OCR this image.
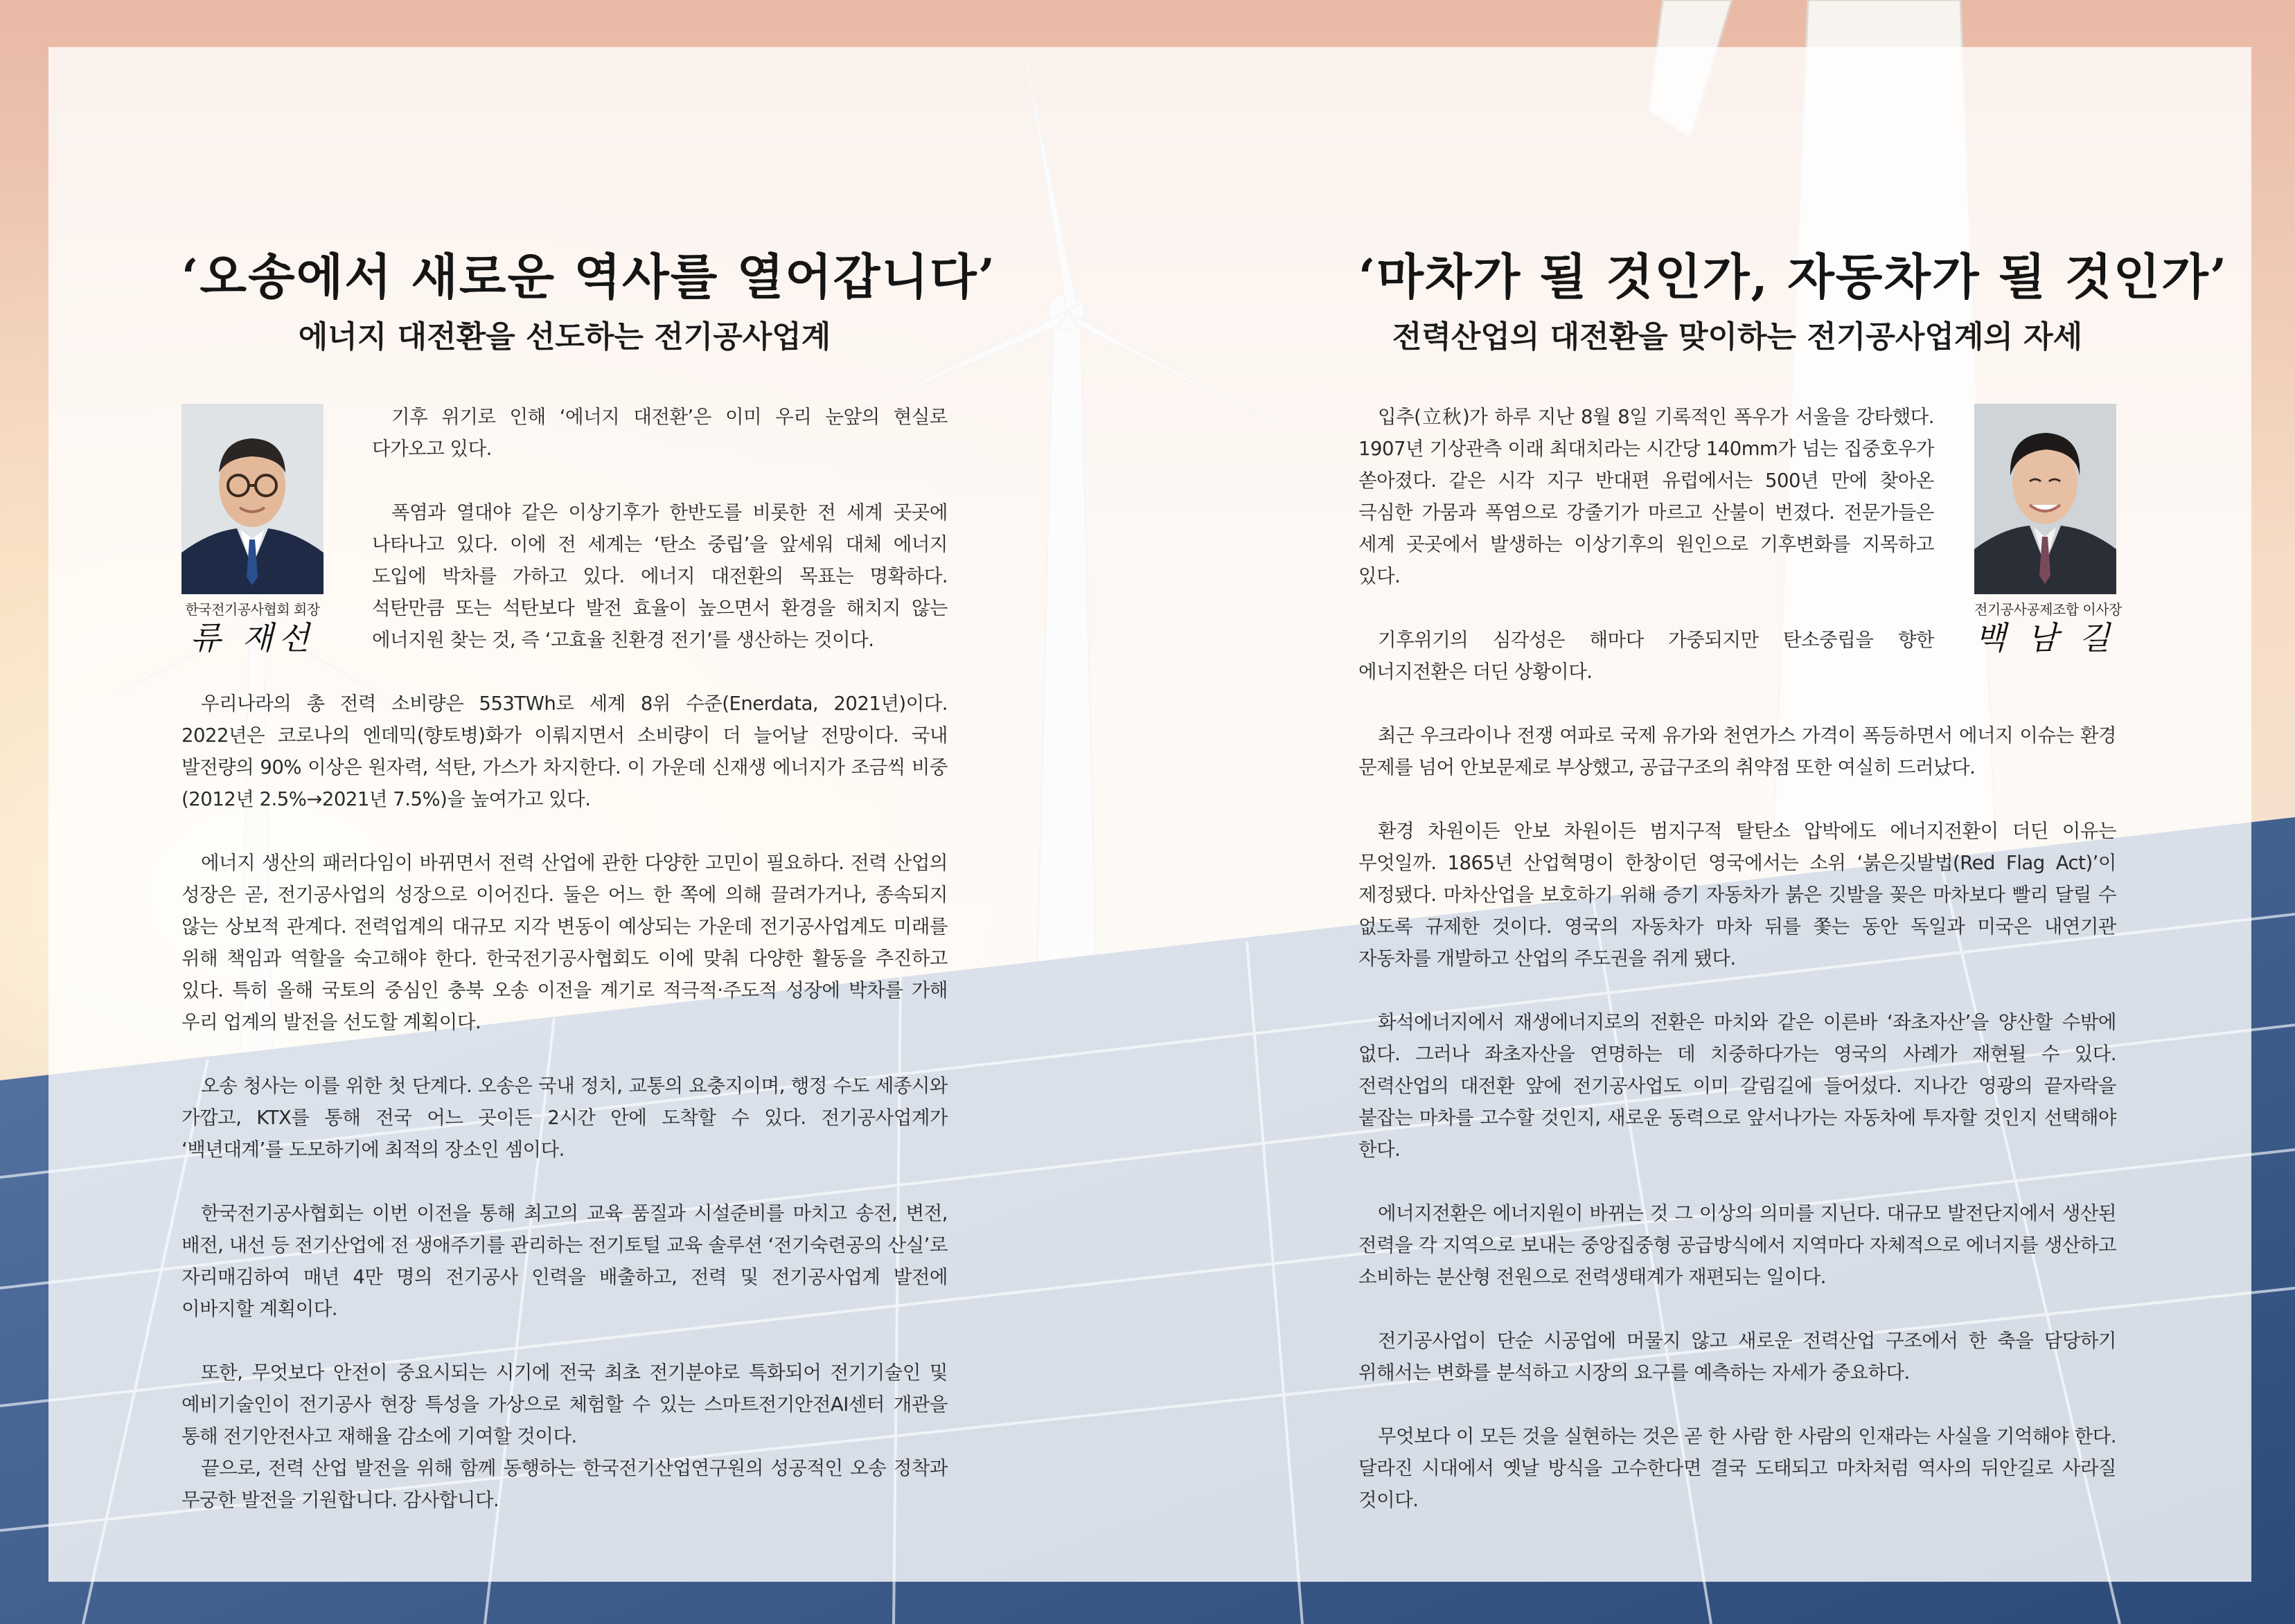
‘오송에서 새로운 역사를 열어갑니다’
에너지 대전환을 선도하는 전기공사업계
한국전기공사협회 회장
류 재선

기후 위기로 인해 ‘에너지 대전환’은 이미 우리 눈앞의 현실로 다가오고 있다.

폭염과 열대야 같은 이상기후가 한반도를 비롯한 전 세계 곳곳에 나타나고 있다. 이에 전 세계는 ‘탄소 중립’을 앞세워 대체 에너지 도입에 박차를 가하고 있다. 에너지 대전환의 목표는 명확하다. 석탄만큼 또는 석탄보다 발전 효율이 높으면서 환경을 해치지 않는 에너지원 찾는 것, 즉 ‘고효율 친환경 전기’를 생산하는 것이다.

우리나라의 총 전력 소비량은 553TWh로 세계 8위 수준(Enerdata, 2021년)이다. 2022년은 코로나의 엔데믹(향토병)화가 이뤄지면서 소비량이 더 늘어날 전망이다. 국내 발전량의 90% 이상은 원자력, 석탄, 가스가 차지한다. 이 가운데 신재생 에너지가 조금씩 비중(2012년 2.5%→2021년 7.5%)을 높여가고 있다.

에너지 생산의 패러다임이 바뀌면서 전력 산업에 관한 다양한 고민이 필요하다. 전력 산업의 성장은 곧, 전기공사업의 성장으로 이어진다. 둘은 어느 한 쪽에 의해 끌려가거나, 종속되지 않는 상보적 관계다. 전력업계의 대규모 지각 변동이 예상되는 가운데 전기공사업계도 미래를 위해 책임과 역할을 숙고해야 한다. 한국전기공사협회도 이에 맞춰 다양한 활동을 추진하고 있다. 특히 올해 국토의 중심인 충북 오송 이전을 계기로 적극적·주도적 성장에 박차를 가해 우리 업계의 발전을 선도할 계획이다.

오송 청사는 이를 위한 첫 단계다. 오송은 국내 정치, 교통의 요충지이며, 행정 수도 세종시와 가깝고, KTX를 통해 전국 어느 곳이든 2시간 안에 도착할 수 있다. 전기공사업계가 ‘백년대계’를 도모하기에 최적의 장소인 셈이다.

한국전기공사협회는 이번 이전을 통해 최고의 교육 품질과 시설준비를 마치고 송전, 변전, 배전, 내선 등 전기산업에 전 생애주기를 관리하는 전기토털 교육 솔루션 ‘전기숙련공의 산실’로 자리매김하여 매년 4만 명의 전기공사 인력을 배출하고, 전력 및 전기공사업계 발전에 이바지할 계획이다.

또한, 무엇보다 안전이 중요시되는 시기에 전국 최초 전기분야로 특화되어 전기기술인 및 예비기술인이 전기공사 현장 특성을 가상으로 체험할 수 있는 스마트전기안전AI센터 개관을 통해 전기안전사고 재해율 감소에 기여할 것이다.

끝으로, 전력 산업 발전을 위해 함께 동행하는 한국전기산업연구원의 성공적인 오송 정착과 무궁한 발전을 기원합니다. 감사합니다.

‘마차가 될 것인가, 자동차가 될 것인가’
전력산업의 대전환을 맞이하는 전기공사업계의 자세
전기공사공제조합 이사장
백 남 길

입추(立秋)가 하루 지난 8월 8일 기록적인 폭우가 서울을 강타했다. 1907년 기상관측 이래 최대치라는 시간당 140mm가 넘는 집중호우가 쏟아졌다. 같은 시각 지구 반대편 유럽에서는 500년 만에 찾아온 극심한 가뭄과 폭염으로 강줄기가 마르고 산불이 번졌다. 전문가들은 세계 곳곳에서 발생하는 이상기후의 원인으로 기후변화를 지목하고 있다.

기후위기의 심각성은 해마다 가중되지만 탄소중립을 향한 에너지전환은 더딘 상황이다.

최근 우크라이나 전쟁 여파로 국제 유가와 천연가스 가격이 폭등하면서 에너지 이슈는 환경 문제를 넘어 안보문제로 부상했고, 공급구조의 취약점 또한 여실히 드러났다.

환경 차원이든 안보 차원이든 범지구적 탈탄소 압박에도 에너지전환이 더딘 이유는 무엇일까. 1865년 산업혁명이 한창이던 영국에서는 소위 ‘붉은깃발법(Red Flag Act)’이 제정됐다. 마차산업을 보호하기 위해 증기 자동차가 붉은 깃발을 꽂은 마차보다 빨리 달릴 수 없도록 규제한 것이다. 영국의 자동차가 마차 뒤를 쫓는 동안 독일과 미국은 내연기관 자동차를 개발하고 산업의 주도권을 쥐게 됐다.

화석에너지에서 재생에너지로의 전환은 마치와 같은 이른바 ‘좌초자산’을 양산할 수밖에 없다. 그러나 좌초자산을 연명하는 데 치중하다가는 영국의 사례가 재현될 수 있다. 전력산업의 대전환 앞에 전기공사업도 이미 갈림길에 들어섰다. 지나간 영광의 끝자락을 붙잡는 마차를 고수할 것인지, 새로운 동력으로 앞서나가는 자동차에 투자할 것인지 선택해야 한다.

에너지전환은 에너지원이 바뀌는 것 그 이상의 의미를 지닌다. 대규모 발전단지에서 생산된 전력을 각 지역으로 보내는 중앙집중형 공급방식에서 지역마다 자체적으로 에너지를 생산하고 소비하는 분산형 전원으로 전력생태계가 재편되는 일이다.

전기공사업이 단순 시공업에 머물지 않고 새로운 전력산업 구조에서 한 축을 담당하기 위해서는 변화를 분석하고 시장의 요구를 예측하는 자세가 중요하다.

무엇보다 이 모든 것을 실현하는 것은 곧 한 사람 한 사람의 인재라는 사실을 기억해야 한다. 달라진 시대에서 옛날 방식을 고수한다면 결국 도태되고 마차처럼 역사의 뒤안길로 사라질 것이다.
